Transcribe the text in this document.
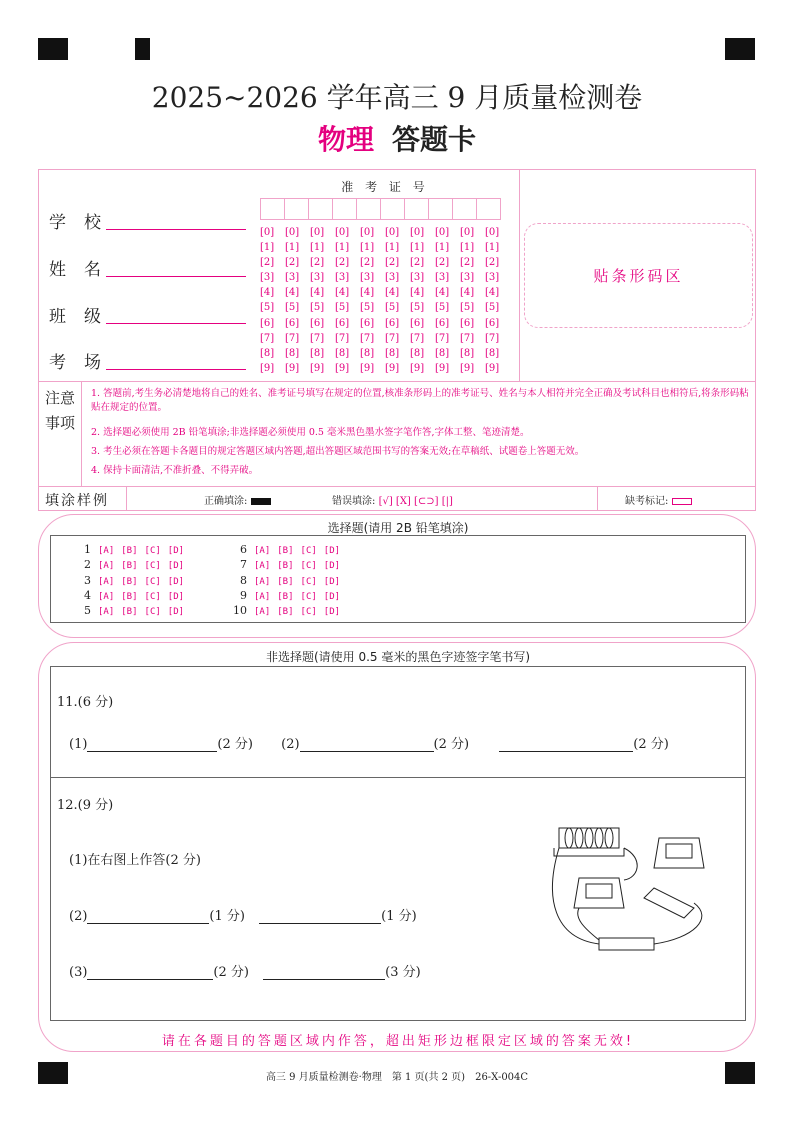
2025~2026 学年高三 9 月质量检测卷
物理 答题卡
学校
姓名
班级
考场
准 考 证 号
[0]	[0]	[0]	[0]	[0]	[0]	[0]	[0]	[0]	[0]
[1]	[1]	[1]	[1]	[1]	[1]	[1]	[1]	[1]	[1]
[2]	[2]	[2]	[2]	[2]	[2]	[2]	[2]	[2]	[2]
[3]	[3]	[3]	[3]	[3]	[3]	[3]	[3]	[3]	[3]
[4]	[4]	[4]	[4]	[4]	[4]	[4]	[4]	[4]	[4]
[5]	[5]	[5]	[5]	[5]	[5]	[5]	[5]	[5]	[5]
[6]	[6]	[6]	[6]	[6]	[6]	[6]	[6]	[6]	[6]
[7]	[7]	[7]	[7]	[7]	[7]	[7]	[7]	[7]	[7]
[8]	[8]	[8]	[8]	[8]	[8]	[8]	[8]	[8]	[8]
[9]	[9]	[9]	[9]	[9]	[9]	[9]	[9]	[9]	[9]
贴条形码区
注意事项
1. 答题前,考生务必清楚地将自己的姓名、准考证号填写在规定的位置,核准条形码上的准考证号、姓名与本人相符并完全正确及考试科目也相符后,将条形码粘贴在规定的位置。
2. 选择题必须使用 2B 铅笔填涂;非选择题必须使用 0.5 毫米黑色墨水签字笔作答,字体工整、笔迹清楚。
3. 考生必须在答题卡各题目的规定答题区域内答题,超出答题区域范围书写的答案无效;在草稿纸、试题卷上答题无效。
4. 保持卡面清洁,不准折叠、不得弄破。
填涂样例	正确填涂:	错误填涂: [√] [X] [⊂⊃] [|]	缺考标记:
选择题(请用 2B 铅笔填涂)
1 [A] [B] [C] [D]
2 [A] [B] [C] [D]
3 [A] [B] [C] [D]
4 [A] [B] [C] [D]
5 [A] [B] [C] [D]
6 [A] [B] [C] [D]
7 [A] [B] [C] [D]
8 [A] [B] [C] [D]
9 [A] [B] [C] [D]
10 [A] [B] [C] [D]
非选择题(请使用 0.5 毫米的黑色字迹签字笔书写)
11.(6 分)
(1)	(2 分) (2)	(2 分)	(2 分)
12.(9 分)
(1)在右图上作答(2 分)
(2)	(1 分)	(1 分)
(3)	(2 分)	(3 分)
请在各题目的答题区域内作答，超出矩形边框限定区域的答案无效!
高三 9 月质量检测卷·物理　第 1 页(共 2 页)　26-X-004C
